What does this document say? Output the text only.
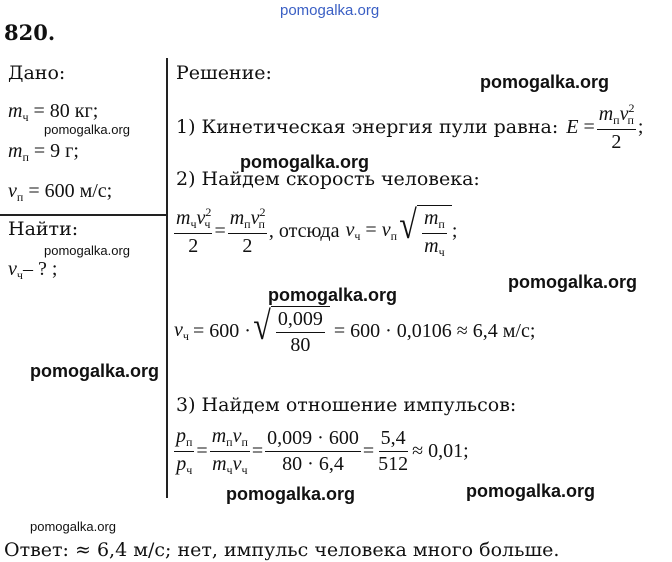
pomogalka.org
820.
Дано:
$m_ч = 80$ кг;
pomogalka.org
$m_п = 9$ г;
$v_п = 600$ м/с;
Найти:
pomogalka.org
$v_ч-$ ? ;
Решение:	pomogalka.org
1) Кинетическая энергия пули равна: $E = \frac{m_пv^2_п}{2}$ ;
pomogalka.org
2) Найдем скорость человека:
$\frac{m_чv^2_ч}{2} = \frac{m_пv^2_п}{2}$ , отсюда $v_ч = v_п$ √ $\frac{m_п}{m_ч}$ ;
pomogalka.org
pomogalka.org
$v_ч = 600$ · √ $\frac{0,009}{80} = 600 \cdot 0,0106 \approx 6,4$ м/с;
pomogalka.org
3) Найдем отношение импульсов:
$\frac{p_п}{p_ч} = \frac{m_пv_п}{m_чv_ч} = \frac{0,009 \cdot 600}{80 \cdot 6,4} = \frac{5,4}{512} \approx 0,01$;
pomogalka.org	pomogalka.org
pomogalka.org
Ответ: ≈ 6,4 м/с; нет, импульс человека много больше.
